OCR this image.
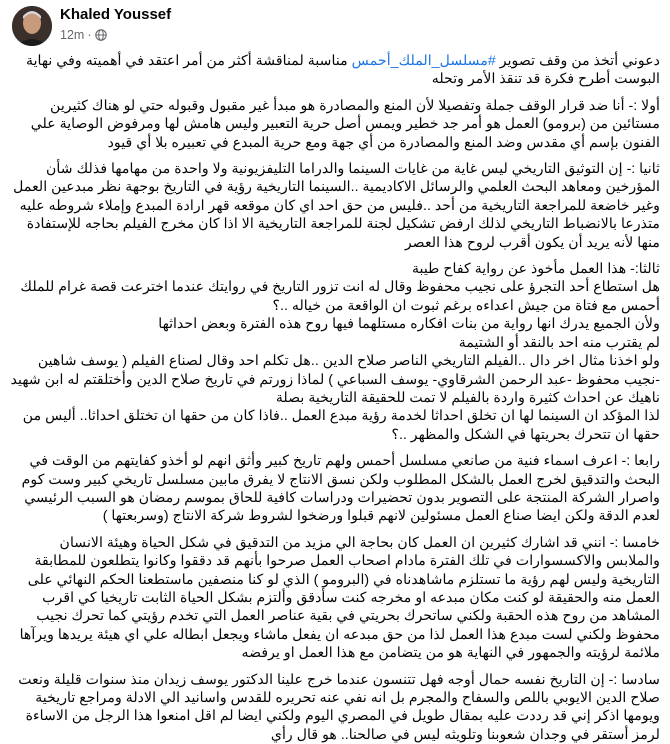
Khaled Youssef
12m ·

دعوني أتخذ من وقف تصوير #مسلسل_الملك_أحمس مناسبة لمناقشة أكثر من أمر اعتقد في أهميته وفي نهاية البوست أطرح فكرة قد تنقذ الأمر وتحله

أولا :- أنا ضد قرار الوقف جملة وتفصيلا لأن المنع والمصادرة هو مبدأ غير مقبول وقبوله حتي لو هناك كثيرين مستائين من (برومو) العمل هو أمر جد خطير ويمس أصل حرية التعبير وليس هامش لها ومرفوض الوصاية علي الفنون بإسم أي مقدس وضد المنع والمصادرة من أي جهة ومع حرية المبدع في تعبيره بلا أي قيود

ثانيا :- إن التوثيق التاريخي ليس غاية من غايات السينما والدراما التليفزيونية ولا واحدة من مهامها فذلك شأن المؤرخين ومعاهد البحث العلمي والرسائل الاكاديمية ..السينما التاريخية رؤية في التاريخ بوجهة نظر مبدعين العمل وغير خاضعة للمراجعة التاريخية من أحد ..فليس من حق احد اي كان موقعه قهر ارادة المبدع وإملاء شروطه عليه متذرعا بالانضباط التاريخي لذلك ارفض تشكيل لجنة للمراجعة التاريخية الا اذا كان مخرج الفيلم بحاجه للإستفادة منها لأنه يريد أن يكون أقرب لروح هذا العصر

ثالثا:- هذا العمل مأخوذ عن رواية كفاح طيبة

هل استطاع أحد التجرؤ على نجيب محفوظ وقال له انت تزور التاريخ في روايتك عندما اخترعت قصة غرام للملك أحمس مع فتاة من جيش اعداءه برغم ثبوت ان الواقعة من خياله ..؟

ولأن الجميع يدرك انها رواية من بنات افكاره مستلهما فيها روح هذه الفترة وبعض احداثها

لم يقترب منه احد بالنقد أو الشتيمة

ولو اخذنا مثال اخر دال ..الفيلم التاريخي الناصر صلاح الدين ..هل تكلم احد وقال لصناع الفيلم ( يوسف شاهين -نجيب محفوظ -عبد الرحمن الشرقاوي- يوسف السباعي ) لماذا زورتم في تاريخ صلاح الدين وأختلقتم له ابن شهيد ناهيك عن احداث كثيرة واردة بالفيلم لا تمت للحقيقة التاريخية بصلة

لذا المؤكد ان السينما لها ان تخلق احداثا لخدمة رؤية مبدع العمل ..فاذا كان من حقها ان تختلق احداثا.. أليس من حقها ان تتحرك بحريتها في الشكل والمظهر ..؟

رابعا :- اعرف اسماء فنية من صانعي مسلسل أحمس ولهم تاريخ كبير وأثق انهم لو أخذو كفايتهم من الوقت في البحث والتدقيق لخرج العمل بالشكل المطلوب ولكن نسق الانتاج لا يفرق مابين مسلسل تاريخي كبير وست كوم واصرار الشركة المنتجة على التصوير بدون تحضيرات ودراسات كافية للحاق بموسم رمضان هو السبب الرئيسي لعدم الدقة ولكن ايضا صناع العمل مسئولين لانهم قبلوا ورضخوا لشروط شركة الانتاج (وسربعتها )

خامسا :- انني قد اشارك كثيرين ان العمل كان بحاجة الي مزيد من التدقيق في شكل الحياة وهيئة الانسان والملابس والاكسسوارات في تلك الفترة مادام اصحاب العمل صرحوا بأنهم قد دققوا وكانوا يتطلعون للمطابقة التاريخية وليس لهم رؤية ما تستلزم ماشاهدناه في (البرومو ) الذي لو كنا منصفين ماستطعنا الحكم النهائي على العمل منه والحقيقة لو كنت مكان مبدعه او مخرجه كنت سأدقق وألتزم بشكل الحياة الثابت تاريخيا كي اقرب المشاهد من روح هذه الحقبة ولكني ساتحرك بحريتي في بقية عناصر العمل التي تخدم رؤيتي كما تحرك نجيب محفوظ ولكني لست مبدع هذا العمل لذا من حق مبدعه ان يفعل ماشاء ويجعل ابطاله علي اي هيئة يريدها ويرآها ملائمة لرؤيته والجمهور في النهاية هو من يتضامن مع هذا العمل او يرفضه

سادسا :- إن التاريخ نفسه حمال أوجه فهل تتنسون عندما خرج علينا الدكتور يوسف زيدان منذ سنوات قليلة ونعت صلاح الدين الايوبي باللص والسفاح والمجرم بل انه نفي عنه تحريره للقدس واسانيد الي الادلة ومراجع تاريخية ويومها اذكر إني قد رددت عليه بمقال طويل في المصري اليوم ولكني ايضا لم اقل امنعوا هذا الرجل من الاساءة لرمز أستقر في وجدان شعوبنا وتلويثه ليس في صالحنا.. هو قال رأي
